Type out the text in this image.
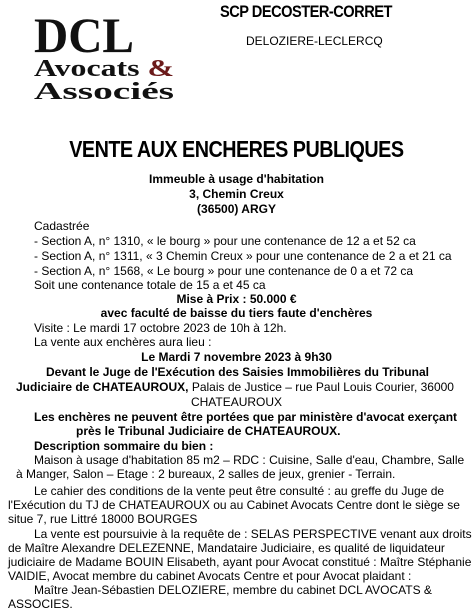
DCL
Avocats &
Associés
SCP DECOSTER-CORRET
DELOZIERE-LECLERCQ
VENTE AUX ENCHERES PUBLIQUES
Immeuble à usage d'habitation
3, Chemin Creux
(36500) ARGY
Cadastrée
- Section A, n° 1310, « le bourg » pour une contenance de 12 a et 52 ca
- Section A, n° 1311, « 3 Chemin Creux » pour une contenance de 2 a et 21 ca
- Section A, n° 1568, « Le bourg » pour une contenance de 0 a et 72 ca
Soit une contenance totale de 15 a et 45 ca
Mise à Prix : 50.000 €
avec faculté de baisse du tiers faute d'enchères
Visite : Le mardi 17 octobre 2023 de 10h à 12h.
La vente aux enchères aura lieu :
Le Mardi 7 novembre 2023 à 9h30
Devant le Juge de l'Exécution des Saisies Immobilières du Tribunal
Judiciaire de CHATEAUROUX, Palais de Justice – rue Paul Louis Courier, 36000
CHATEAUROUX
Les enchères ne peuvent être portées que par ministère d'avocat exerçant
près le Tribunal Judiciaire de CHATEAUROUX.
Description sommaire du bien :
Maison à usage d'habitation 85 m2 – RDC : Cuisine, Salle d'eau, Chambre, Salle
à Manger, Salon – Etage : 2 bureaux, 2 salles de jeux, grenier - Terrain.
Le cahier des conditions de la vente peut être consulté : au greffe du Juge de
l'Exécution du TJ de CHATEAUROUX ou au Cabinet Avocats Centre dont le siège se
situe 7, rue Littré 18000 BOURGES
La vente est poursuivie à la requête de : SELAS PERSPECTIVE venant aux droits
de Maître Alexandre DELEZENNE, Mandataire Judiciaire, es qualité de liquidateur
judiciaire de Madame BOUIN Elisabeth, ayant pour Avocat constitué : Maître Stéphanie
VAIDIE, Avocat membre du cabinet Avocats Centre et pour Avocat plaidant :
Maître Jean-Sébastien DELOZIERE, membre du cabinet DCL AVOCATS &
ASSOCIES.
